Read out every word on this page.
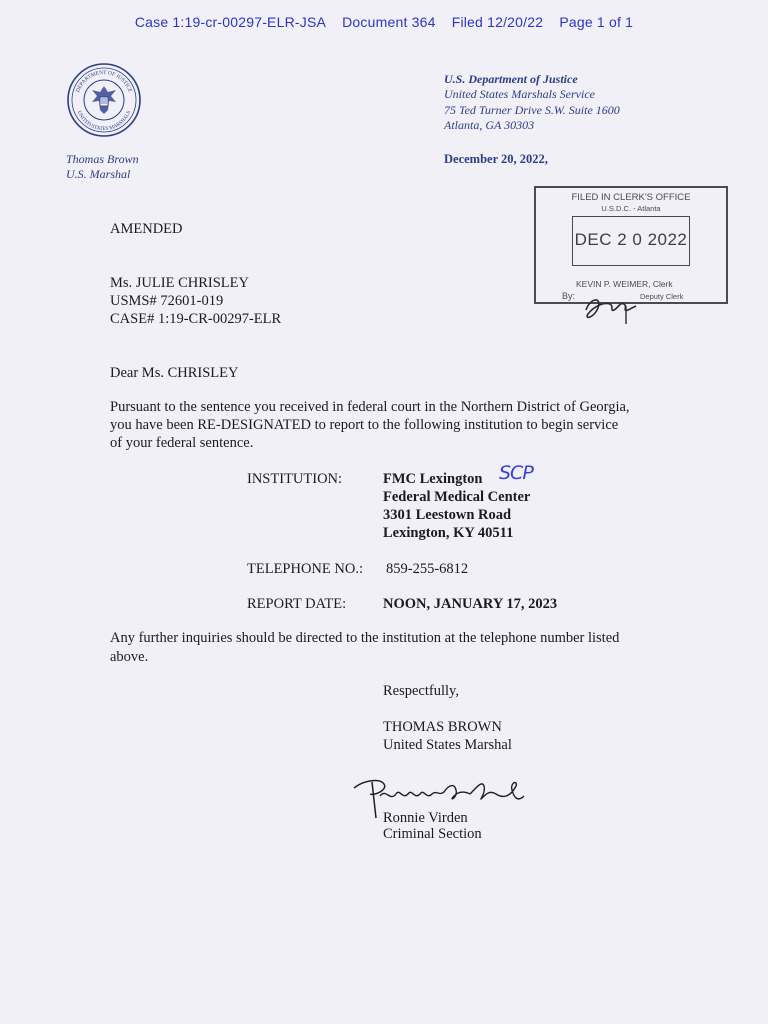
Case 1:19-cr-00297-ELR-JSA Document 364 Filed 12/20/22 Page 1 of 1
DEPARTMENT OF JUSTICE
UNITED STATES MARSHALS
U.S. Department of Justice
United States Marshals Service
75 Ted Turner Drive S.W. Suite 1600
Atlanta, GA 30303
Thomas Brown
U.S. Marshal
December 20, 2022,
FILED IN CLERK'S OFFICE
U.S.D.C. - Atlanta
DEC 2 0 2022
KEVIN P. WEIMER, Clerk
By:	Deputy Clerk
AMENDED
Ms. JULIE CHRISLEY
USMS# 72601-019
CASE# 1:19-CR-00297-ELR
Dear Ms. CHRISLEY
Pursuant to the sentence you received in federal court in the Northern District of Georgia,
you have been RE-DESIGNATED to report to the following institution to begin service
of your federal sentence.
INSTITUTION:	FMC Lexington SCP
Federal Medical Center
3301 Leestown Road
Lexington, KY 40511
TELEPHONE NO.: 859-255-6812
REPORT DATE:	NOON, JANUARY 17, 2023
Any further inquiries should be directed to the institution at the telephone number listed
above.
Respectfully,
THOMAS BROWN
United States Marshal
Ronnie Virden
Criminal Section
